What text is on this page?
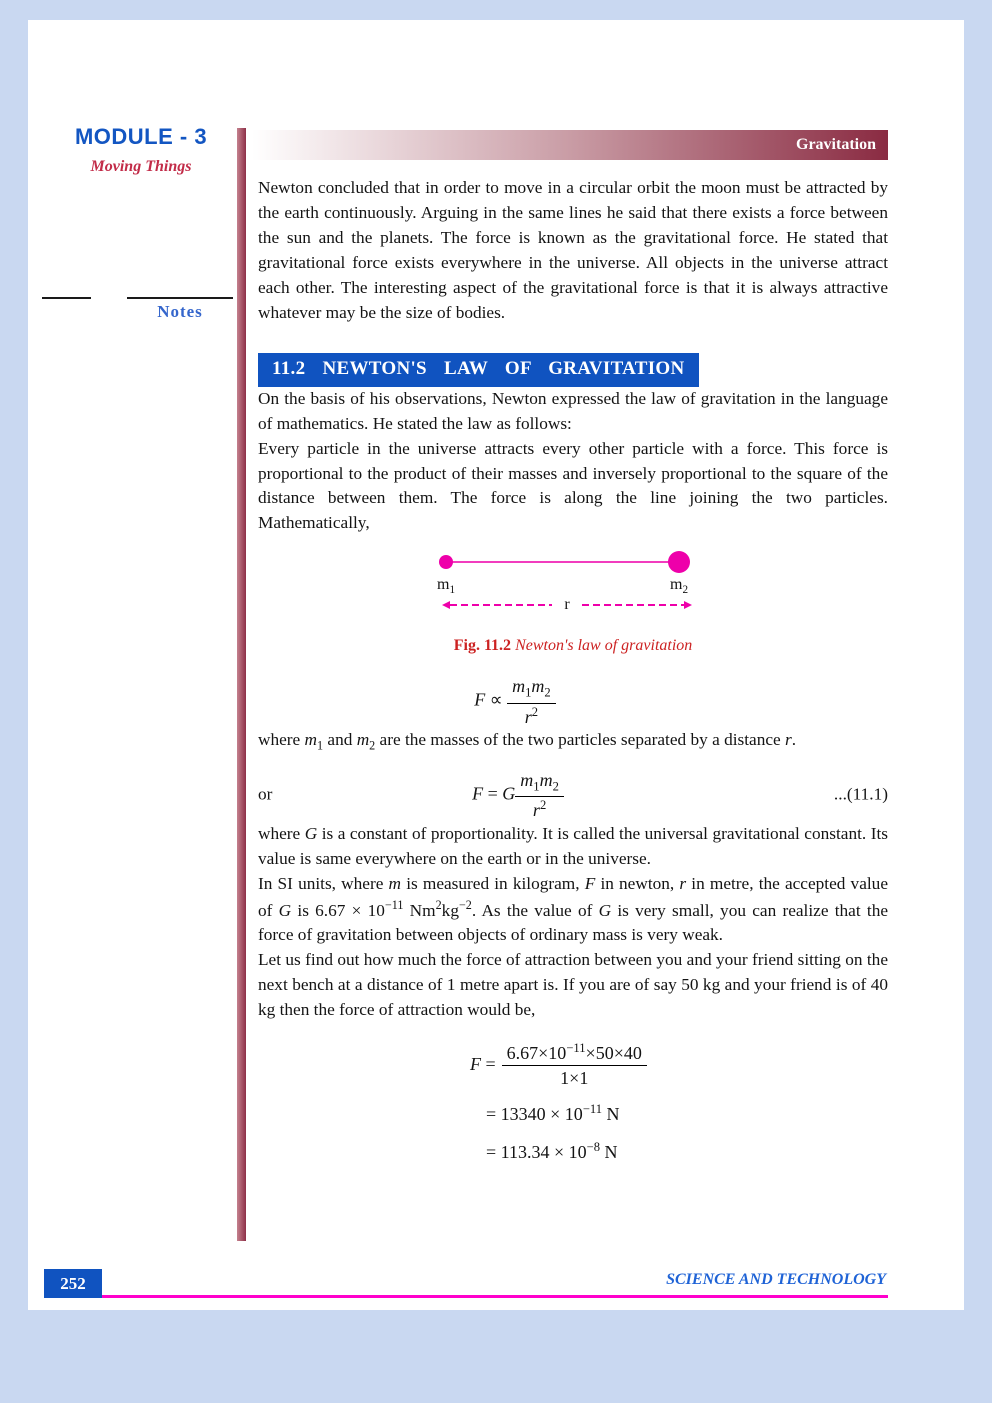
MODULE - 3
Moving Things
Notes
Gravitation

Newton concluded that in order to move in a circular orbit the moon must be attracted by the earth continuously. Arguing in the same lines he said that there exists a force between the sun and the planets. The force is known as the gravitational force. He stated that gravitational force exists everywhere in the universe. All objects in the universe attract each other. The interesting aspect of the gravitational force is that it is always attractive whatever may be the size of bodies.

11.2 NEWTON'S LAW OF GRAVITATION

On the basis of his observations, Newton expressed the law of gravitation in the language of mathematics. He stated the law as follows:

Every particle in the universe attracts every other particle with a force. This force is proportional to the product of their masses and inversely proportional to the square of the distance between them. The force is along the line joining the two particles. Mathematically,

$m_1$	$m_2$
r
Fig. 11.2 Newton's law of gravitation
$F \propto \frac{m_1m_2}{r^2}$

where $m_1$ and $m_2$ are the masses of the two particles separated by a distance r.

or	F = G $\frac{m_1m_2}{r^2}$	...(11.1)

where G is a constant of proportionality. It is called the universal gravitational constant. Its value is same everywhere on the earth or in the universe.

In SI units, where m is measured in kilogram, F in newton, r in metre, the accepted value of G is $6.67 \times 10^{-11}$ $Nm^2kg^{-2}$. As the value of G is very small, you can realize that the force of gravitation between objects of ordinary mass is very weak.

Let us find out how much the force of attraction between you and your friend sitting on the next bench at a distance of 1 metre apart is. If you are of say 50 kg and your friend is of 40 kg then the force of attraction would be,

$F = \frac{6.67\times 10^{-11}\times 50\times 40}{1\times 1}$
= $13340 \times 10^{-11}$ N
= $113.34 \times 10^{-8}$ N
252	SCIENCE AND TECHNOLOGY
